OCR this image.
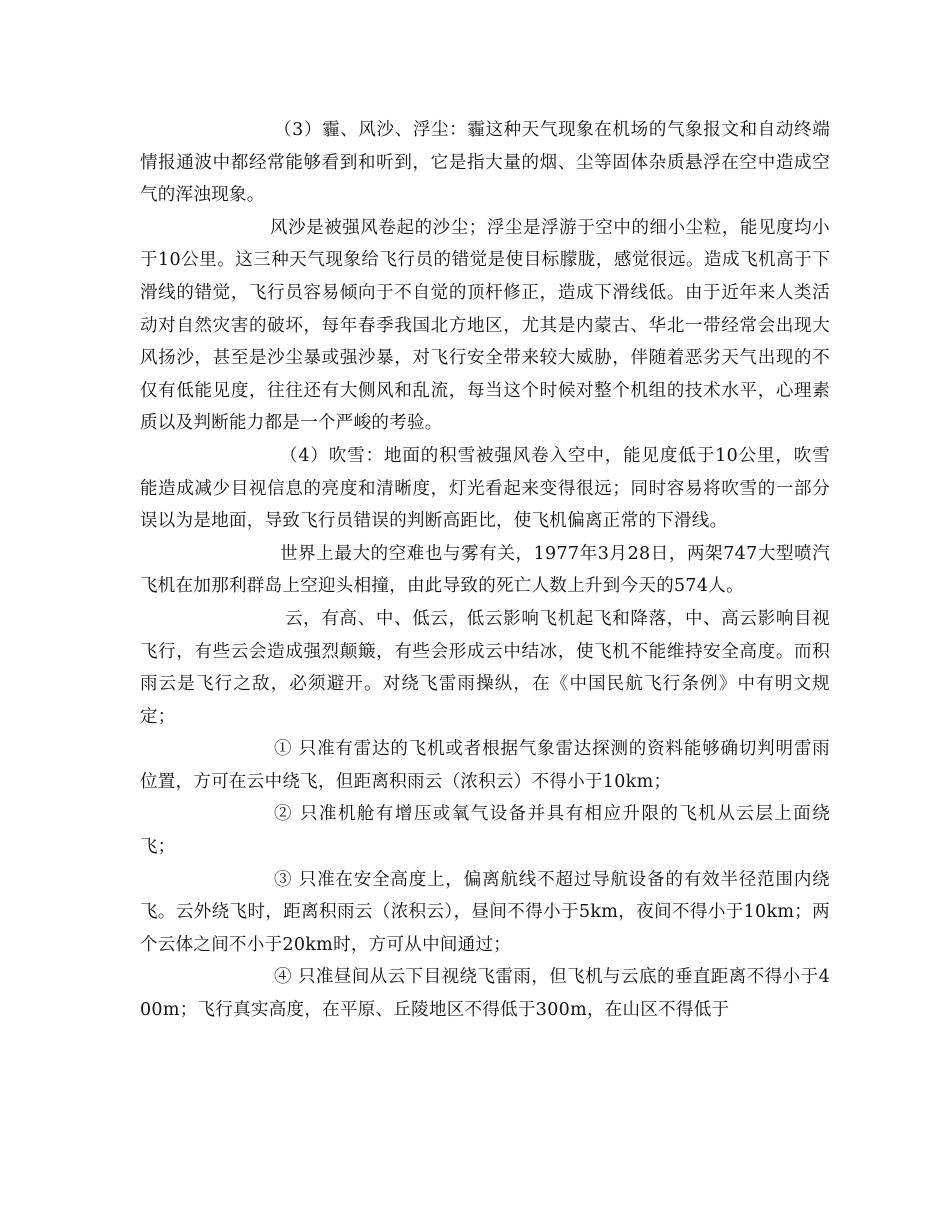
（3）霾、风沙、浮尘：霾这种天气现象在机场的气象报文和自动终端情报通波中都经常能够看到和听到，它是指大量的烟、尘等固体杂质悬浮在空中造成空气的浑浊现象。

风沙是被强风卷起的沙尘；浮尘是浮游于空中的细小尘粒，能见度均小于10公里。这三种天气现象给飞行员的错觉是使目标朦胧，感觉很远。造成飞机高于下滑线的错觉，飞行员容易倾向于不自觉的顶杆修正，造成下滑线低。由于近年来人类活动对自然灾害的破坏，每年春季我国北方地区，尤其是内蒙古、华北一带经常会出现大风扬沙，甚至是沙尘暴或强沙暴，对飞行安全带来较大威胁，伴随着恶劣天气出现的不仅有低能见度，往往还有大侧风和乱流，每当这个时候对整个机组的技术水平，心理素质以及判断能力都是一个严峻的考验。

（4）吹雪：地面的积雪被强风卷入空中，能见度低于10公里，吹雪能造成减少目视信息的亮度和清晰度，灯光看起来变得很远；同时容易将吹雪的一部分误以为是地面，导致飞行员错误的判断高距比，使飞机偏离正常的下滑线。

世界上最大的空难也与雾有关，1977年3月28日，两架747大型喷汽飞机在加那利群岛上空迎头相撞，由此导致的死亡人数上升到今天的574人。

云，有高、中、低云，低云影响飞机起飞和降落，中、高云影响目视飞行，有些云会造成强烈颠簸，有些会形成云中结冰，使飞机不能维持安全高度。而积雨云是飞行之敌，必须避开。对绕飞雷雨操纵，在《中国民航飞行条例》中有明文规定；

① 只准有雷达的飞机或者根据气象雷达探测的资料能够确切判明雷雨位置，方可在云中绕飞，但距离积雨云（浓积云）不得小于10km；

② 只准机舱有增压或氧气设备并具有相应升限的飞机从云层上面绕飞；

③ 只准在安全高度上，偏离航线不超过导航设备的有效半径范围内绕飞。云外绕飞时，距离积雨云（浓积云），昼间不得小于5km，夜间不得小于10km；两个云体之间不小于20km时，方可从中间通过；

④ 只准昼间从云下目视绕飞雷雨，但飞机与云底的垂直距离不得小于400m；飞行真实高度，在平原、丘陵地区不得低于300m，在山区不得低于
